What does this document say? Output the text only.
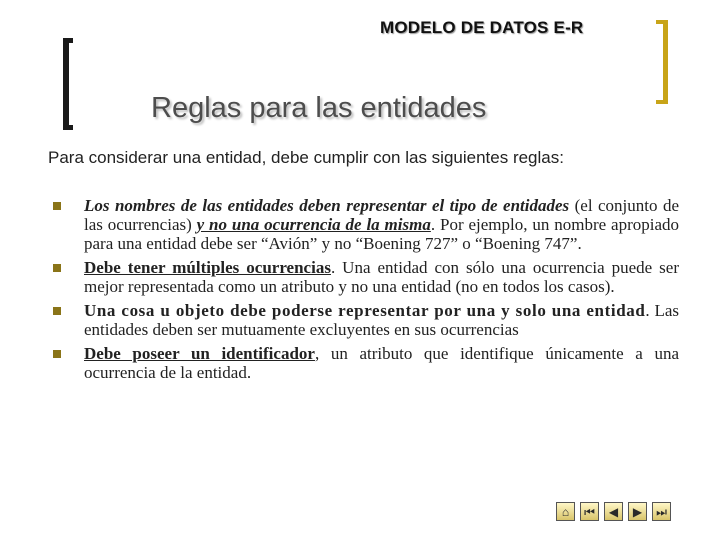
MODELO DE DATOS E-R
Reglas para las entidades
Para considerar una entidad, debe cumplir con las siguientes reglas:
Los nombres de las entidades deben representar el tipo de entidades (el conjunto de las ocurrencias) y no una ocurrencia de la misma. Por ejemplo, un nombre apropiado para una entidad debe ser “Avión” y no “Boening 727” o “Boening 747”.
Debe tener múltiples ocurrencias. Una entidad con sólo una ocurrencia puede ser mejor representada como un atributo y no una entidad (no en todos los casos).
Una cosa u objeto debe poderse representar por una y solo una entidad. Las entidades deben ser mutuamente excluyentes en sus ocurrencias
Debe poseer un identificador, un atributo que identifique únicamente a una ocurrencia de la entidad.
⌂ ⏮ ◀ ▶ ⏭
